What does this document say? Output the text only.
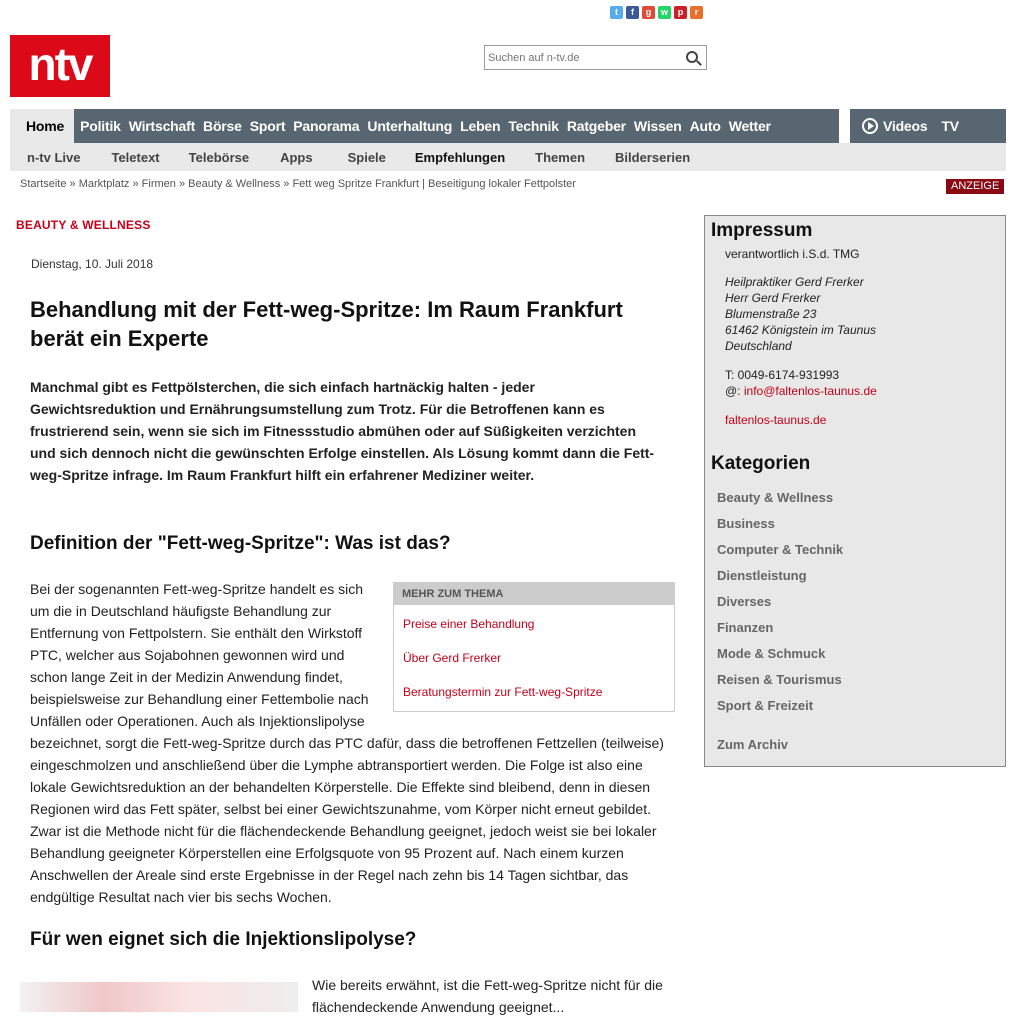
t	f	g	w	p	r
ntv
Suchen auf n-tv.de
Home	Politik Wirtschaft Börse Sport Panorama Unterhaltung Leben Technik Ratgeber Wissen Auto Wetter	Videos	TV
n-tv Live Teletext Telebörse Apps	Spiele Empfehlungen Themen Bilderserien
Startseite » Marktplatz » Firmen » Beauty & Wellness » Fett weg Spritze Frankfurt | Beseitigung lokaler Fettpolster	ANZEIGE
BEAUTY & WELLNESS
Dienstag, 10. Juli 2018
Behandlung mit der Fett-weg-Spritze: Im Raum Frankfurt berät ein Experte

Manchmal gibt es Fettpölsterchen, die sich einfach hartnäckig halten - jeder Gewichtsreduktion und Ernährungsumstellung zum Trotz. Für die Betroffenen kann es frustrierend sein, wenn sie sich im Fitnessstudio abmühen oder auf Süßigkeiten verzichten und sich dennoch nicht die gewünschten Erfolge einstellen. Als Lösung kommt dann die Fett-weg-Spritze infrage. Im Raum Frankfurt hilft ein erfahrener Mediziner weiter.

Definition der "Fett-weg-Spritze": Was ist das?
MEHR ZUM THEMA
Preise einer Behandlung
Über Gerd Frerker
Beratungstermin zur Fett-weg-Spritze
Bei der sogenannten Fett-weg-Spritze handelt es sich um die in Deutschland häufigste Behandlung zur Entfernung von Fettpolstern. Sie enthält den Wirkstoff PTC, welcher aus Sojabohnen gewonnen wird und schon lange Zeit in der Medizin Anwendung findet, beispielsweise zur Behandlung einer Fettembolie nach Unfällen oder Operationen. Auch als Injektionslipolyse bezeichnet, sorgt die Fett-weg-Spritze durch das PTC dafür, dass die betroffenen Fettzellen (teilweise) eingeschmolzen und anschließend über die Lymphe abtransportiert werden. Die Folge ist also eine lokale Gewichtsreduktion an der behandelten Körperstelle. Die Effekte sind bleibend, denn in diesen Regionen wird das Fett später, selbst bei einer Gewichtszunahme, vom Körper nicht erneut gebildet. Zwar ist die Methode nicht für die flächendeckende Behandlung geeignet, jedoch weist sie bei lokaler Behandlung geeigneter Körperstellen eine Erfolgsquote von 95 Prozent auf. Nach einem kurzen Anschwellen der Areale sind erste Ergebnisse in der Regel nach zehn bis 14 Tagen sichtbar, das endgültige Resultat nach vier bis sechs Wochen.
Für wen eignet sich die Injektionslipolyse?

Wie bereits erwähnt, ist die Fett-weg-Spritze nicht für die flächendeckende Anwendung geeignet...

Impressum
verantwortlich i.S.d. TMG
Heilpraktiker Gerd Frerker
Herr Gerd Frerker
Blumenstraße 23
61462 Königstein im Taunus
Deutschland
T: 0049-6174-931993
@: info@faltenlos-taunus.de
faltenlos-taunus.de
Kategorien
Beauty & Wellness
Business
Computer & Technik
Dienstleistung
Diverses
Finanzen
Mode & Schmuck
Reisen & Tourismus
Sport & Freizeit
Zum Archiv
